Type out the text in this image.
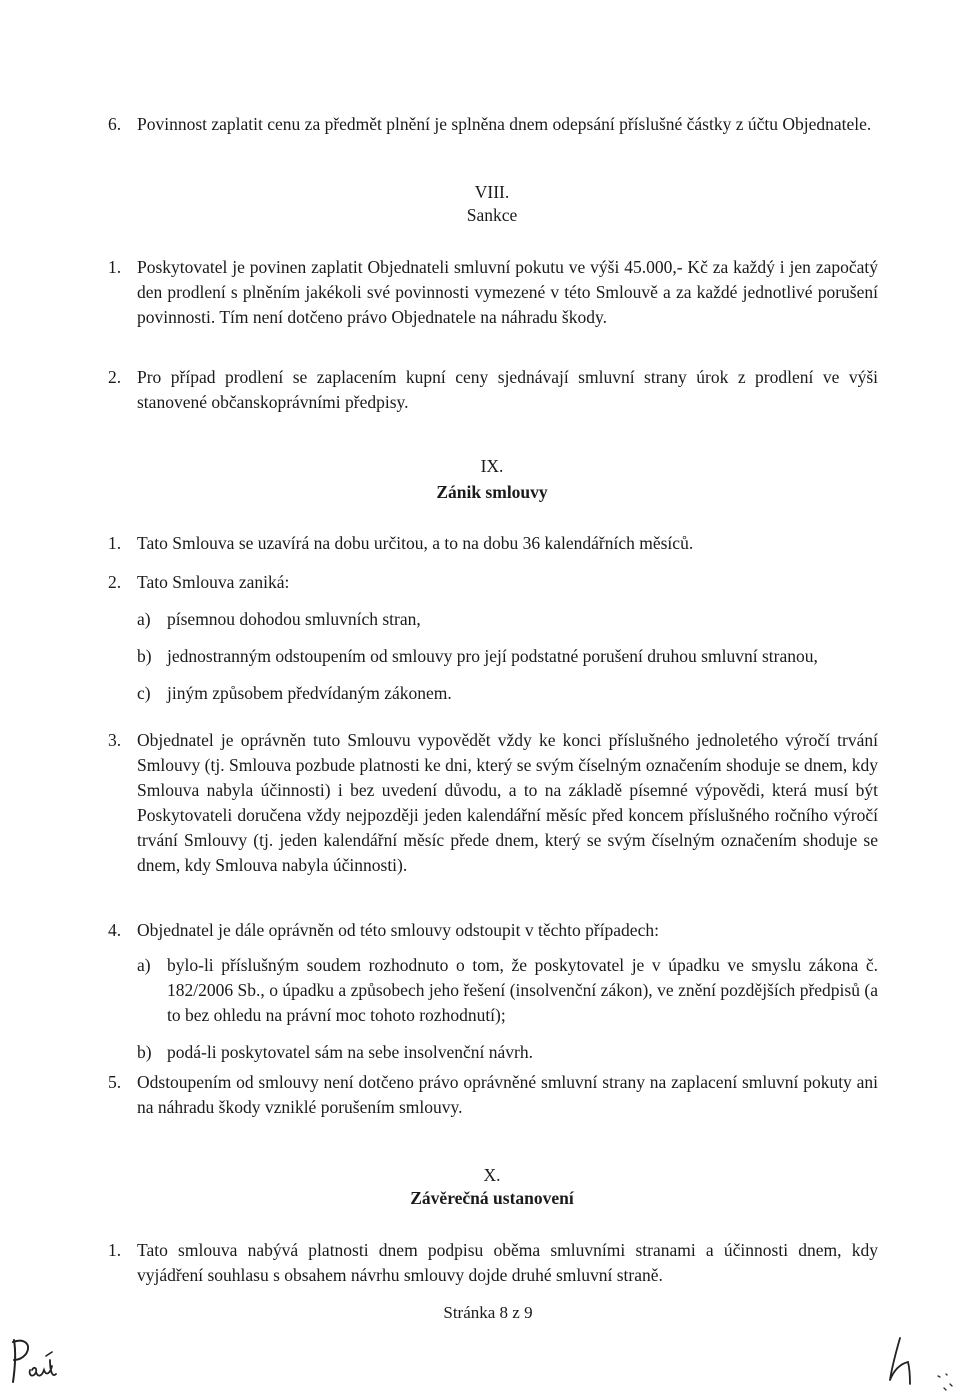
6. Povinnost zaplatit cenu za předmět plnění je splněna dnem odepsání příslušné částky z účtu Objednatele.
VIII.
Sankce
1. Poskytovatel je povinen zaplatit Objednateli smluvní pokutu ve výši 45.000,- Kč za každý i jen započatý den prodlení s plněním jakékoli své povinnosti vymezené v této Smlouvě a za každé jednotlivé porušení povinnosti. Tím není dotčeno právo Objednatele na náhradu škody.
2. Pro případ prodlení se zaplacením kupní ceny sjednávají smluvní strany úrok z prodlení ve výši stanovené občanskoprávními předpisy.
IX.
Zánik smlouvy
1. Tato Smlouva se uzavírá na dobu určitou, a to na dobu 36 kalendářních měsíců.
2. Tato Smlouva zaniká:
a) písemnou dohodou smluvních stran,
b) jednostranným odstoupením od smlouvy pro její podstatné porušení druhou smluvní stranou,
c) jiným způsobem předvídaným zákonem.
3. Objednatel je oprávněn tuto Smlouvu vypovědět vždy ke konci příslušného jednoletého výročí trvání Smlouvy (tj. Smlouva pozbude platnosti ke dni, který se svým číselným označením shoduje se dnem, kdy Smlouva nabyla účinnosti) i bez uvedení důvodu, a to na základě písemné výpovědi, která musí být Poskytovateli doručena vždy nejpozději jeden kalendářní měsíc před koncem příslušného ročního výročí trvání Smlouvy (tj. jeden kalendářní měsíc přede dnem, který se svým číselným označením shoduje se dnem, kdy Smlouva nabyla účinnosti).
4. Objednatel je dále oprávněn od této smlouvy odstoupit v těchto případech:
a) bylo-li příslušným soudem rozhodnuto o tom, že poskytovatel je v úpadku ve smyslu zákona č. 182/2006 Sb., o úpadku a způsobech jeho řešení (insolvenční zákon), ve znění pozdějších předpisů (a to bez ohledu na právní moc tohoto rozhodnutí);
b) podá-li poskytovatel sám na sebe insolvenční návrh.
5. Odstoupením od smlouvy není dotčeno právo oprávněné smluvní strany na zaplacení smluvní pokuty ani na náhradu škody vzniklé porušením smlouvy.
X.
Závěrečná ustanovení
1. Tato smlouva nabývá platnosti dnem podpisu oběma smluvními stranami a účinnosti dnem, kdy vyjádření souhlasu s obsahem návrhu smlouvy dojde druhé smluvní straně.
Stránka 8 z 9
